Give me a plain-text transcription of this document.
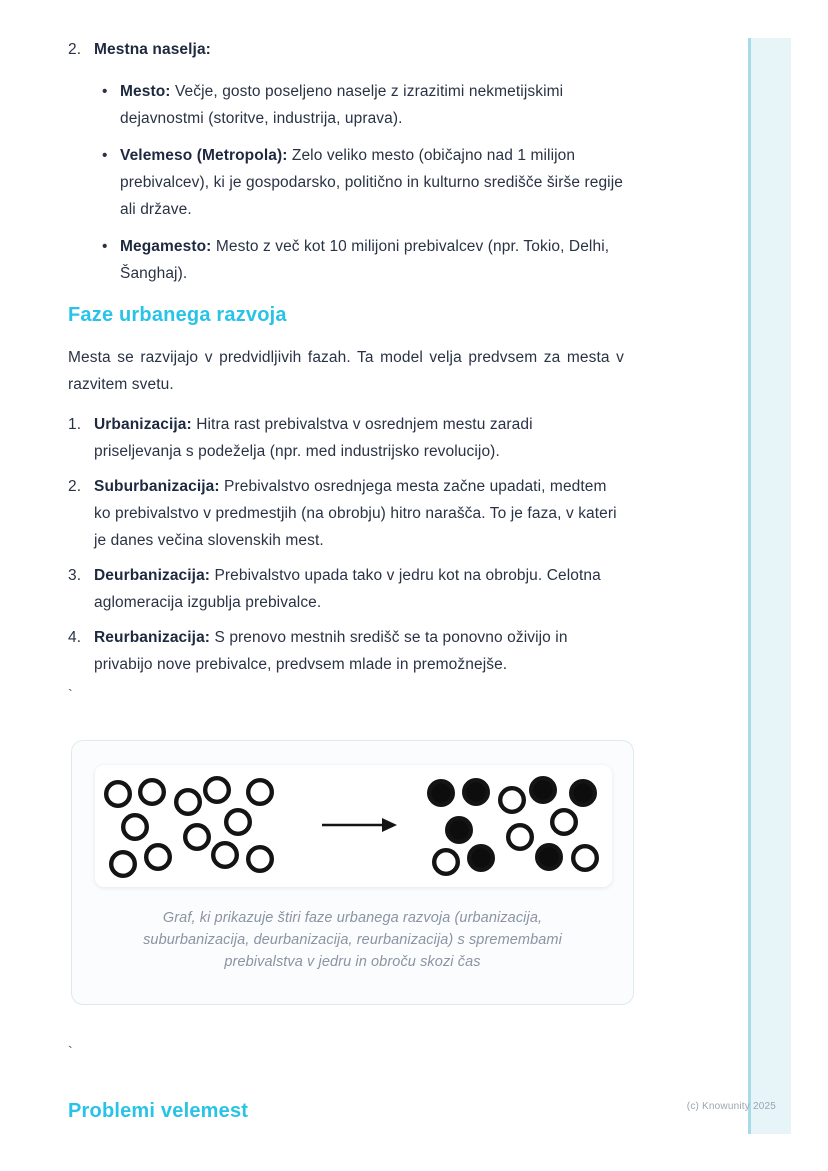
2. Mestna naselja:
• Mesto: Večje, gosto poseljeno naselje z izrazitimi nekmetijskimi dejavnostmi (storitve, industrija, uprava).
• Velemeso (Metropola): Zelo veliko mesto (običajno nad 1 milijon prebivalcev), ki je gospodarsko, politično in kulturno središče širše regije ali države.
• Megamesto: Mesto z več kot 10 milijoni prebivalcev (npr. Tokio, Delhi, Šanghaj).
Faze urbanega razvoja

Mesta se razvijajo v predvidljivih fazah. Ta model velja predvsem za mesta v razvitem svetu.

1. Urbanizacija: Hitra rast prebivalstva v osrednjem mestu zaradi priseljevanja s podeželja (npr. med industrijsko revolucijo).
2. Suburbanizacija: Prebivalstvo osrednjega mesta začne upadati, medtem ko prebivalstvo v predmestjih (na obrobju) hitro narašča. To je faza, v kateri je danes večina slovenskih mest.
3. Deurbanizacija: Prebivalstvo upada tako v jedru kot na obrobju. Celotna aglomeracija izgublja prebivalce.
4. Reurbanizacija: S prenovo mestnih središč se ta ponovno oživijo in privabijo nove prebivalce, predvsem mlade in premožnejše.
`
Graf, ki prikazuje štiri faze urbanega razvoja (urbanizacija, suburbanizacija, deurbanizacija, reurbanizacija) s spremembami prebivalstva v jedru in obroču skozi čas
`
Problemi velemest	(c) Knowunity 2025
